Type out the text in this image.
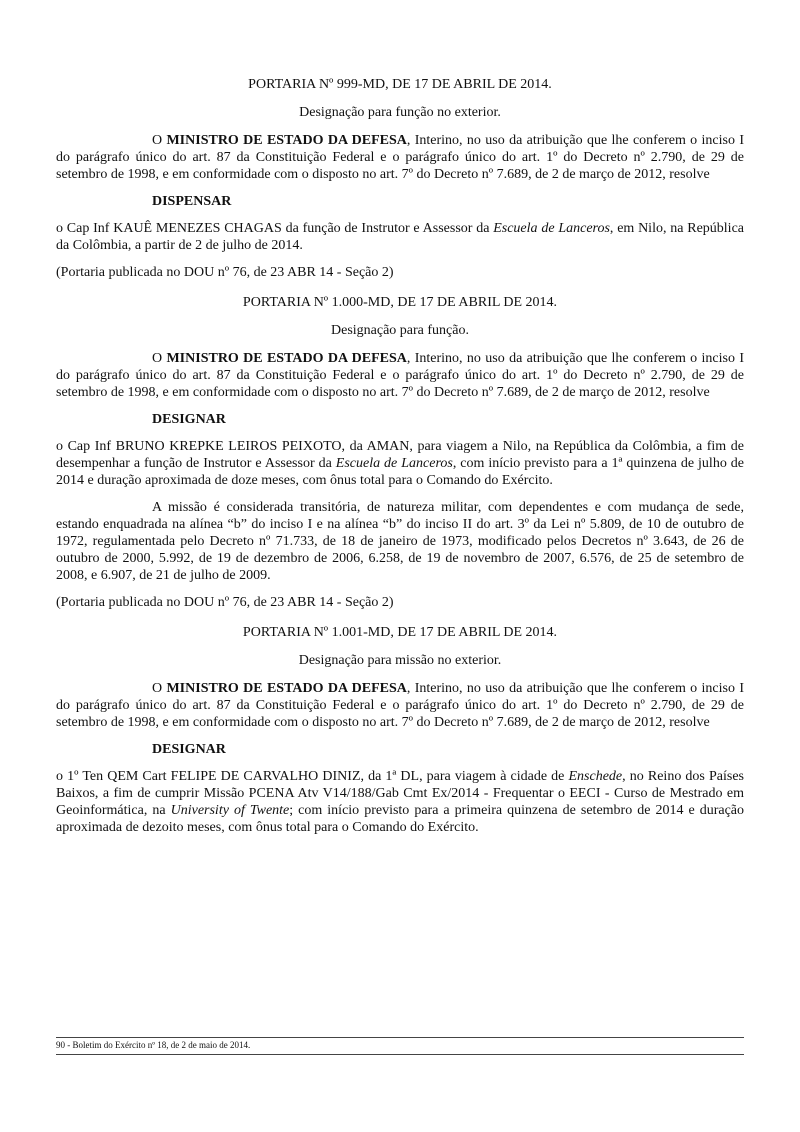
PORTARIA Nº 999-MD, DE 17 DE ABRIL DE 2014.

Designação para função no exterior.

O MINISTRO DE ESTADO DA DEFESA, Interino, no uso da atribuição que lhe conferem o inciso I do parágrafo único do art. 87 da Constituição Federal e o parágrafo único do art. 1º do Decreto nº 2.790, de 29 de setembro de 1998, e em conformidade com o disposto no art. 7º do Decreto nº 7.689, de 2 de março de 2012, resolve

DISPENSAR

o Cap Inf KAUÊ MENEZES CHAGAS da função de Instrutor e Assessor da Escuela de Lanceros, em Nilo, na República da Colômbia, a partir de 2 de julho de 2014.

(Portaria publicada no DOU nº 76, de 23 ABR 14 - Seção 2)

PORTARIA Nº 1.000-MD, DE 17 DE ABRIL DE 2014.

Designação para função.

O MINISTRO DE ESTADO DA DEFESA, Interino, no uso da atribuição que lhe conferem o inciso I do parágrafo único do art. 87 da Constituição Federal e o parágrafo único do art. 1º do Decreto nº 2.790, de 29 de setembro de 1998, e em conformidade com o disposto no art. 7º do Decreto nº 7.689, de 2 de março de 2012, resolve

DESIGNAR

o Cap Inf BRUNO KREPKE LEIROS PEIXOTO, da AMAN, para viagem a Nilo, na República da Colômbia, a fim de desempenhar a função de Instrutor e Assessor da Escuela de Lanceros, com início previsto para a 1ª quinzena de julho de 2014 e duração aproximada de doze meses, com ônus total para o Comando do Exército.

A missão é considerada transitória, de natureza militar, com dependentes e com mudança de sede, estando enquadrada na alínea “b” do inciso I e na alínea “b” do inciso II do art. 3º da Lei nº 5.809, de 10 de outubro de 1972, regulamentada pelo Decreto nº 71.733, de 18 de janeiro de 1973, modificado pelos Decretos nº 3.643, de 26 de outubro de 2000, 5.992, de 19 de dezembro de 2006, 6.258, de 19 de novembro de 2007, 6.576, de 25 de setembro de 2008, e 6.907, de 21 de julho de 2009.

(Portaria publicada no DOU nº 76, de 23 ABR 14 - Seção 2)

PORTARIA Nº 1.001-MD, DE 17 DE ABRIL DE 2014.

Designação para missão no exterior.

O MINISTRO DE ESTADO DA DEFESA, Interino, no uso da atribuição que lhe conferem o inciso I do parágrafo único do art. 87 da Constituição Federal e o parágrafo único do art. 1º do Decreto nº 2.790, de 29 de setembro de 1998, e em conformidade com o disposto no art. 7º do Decreto nº 7.689, de 2 de março de 2012, resolve

DESIGNAR

o 1º Ten QEM Cart FELIPE DE CARVALHO DINIZ, da 1ª DL, para viagem à cidade de Enschede, no Reino dos Países Baixos, a fim de cumprir Missão PCENA Atv V14/188/Gab Cmt Ex/2014 - Frequentar o EECI - Curso de Mestrado em Geoinformática, na University of Twente; com início previsto para a primeira quinzena de setembro de 2014 e duração aproximada de dezoito meses, com ônus total para o Comando do Exército.

90 - Boletim do Exército nº 18, de 2 de maio de 2014.
